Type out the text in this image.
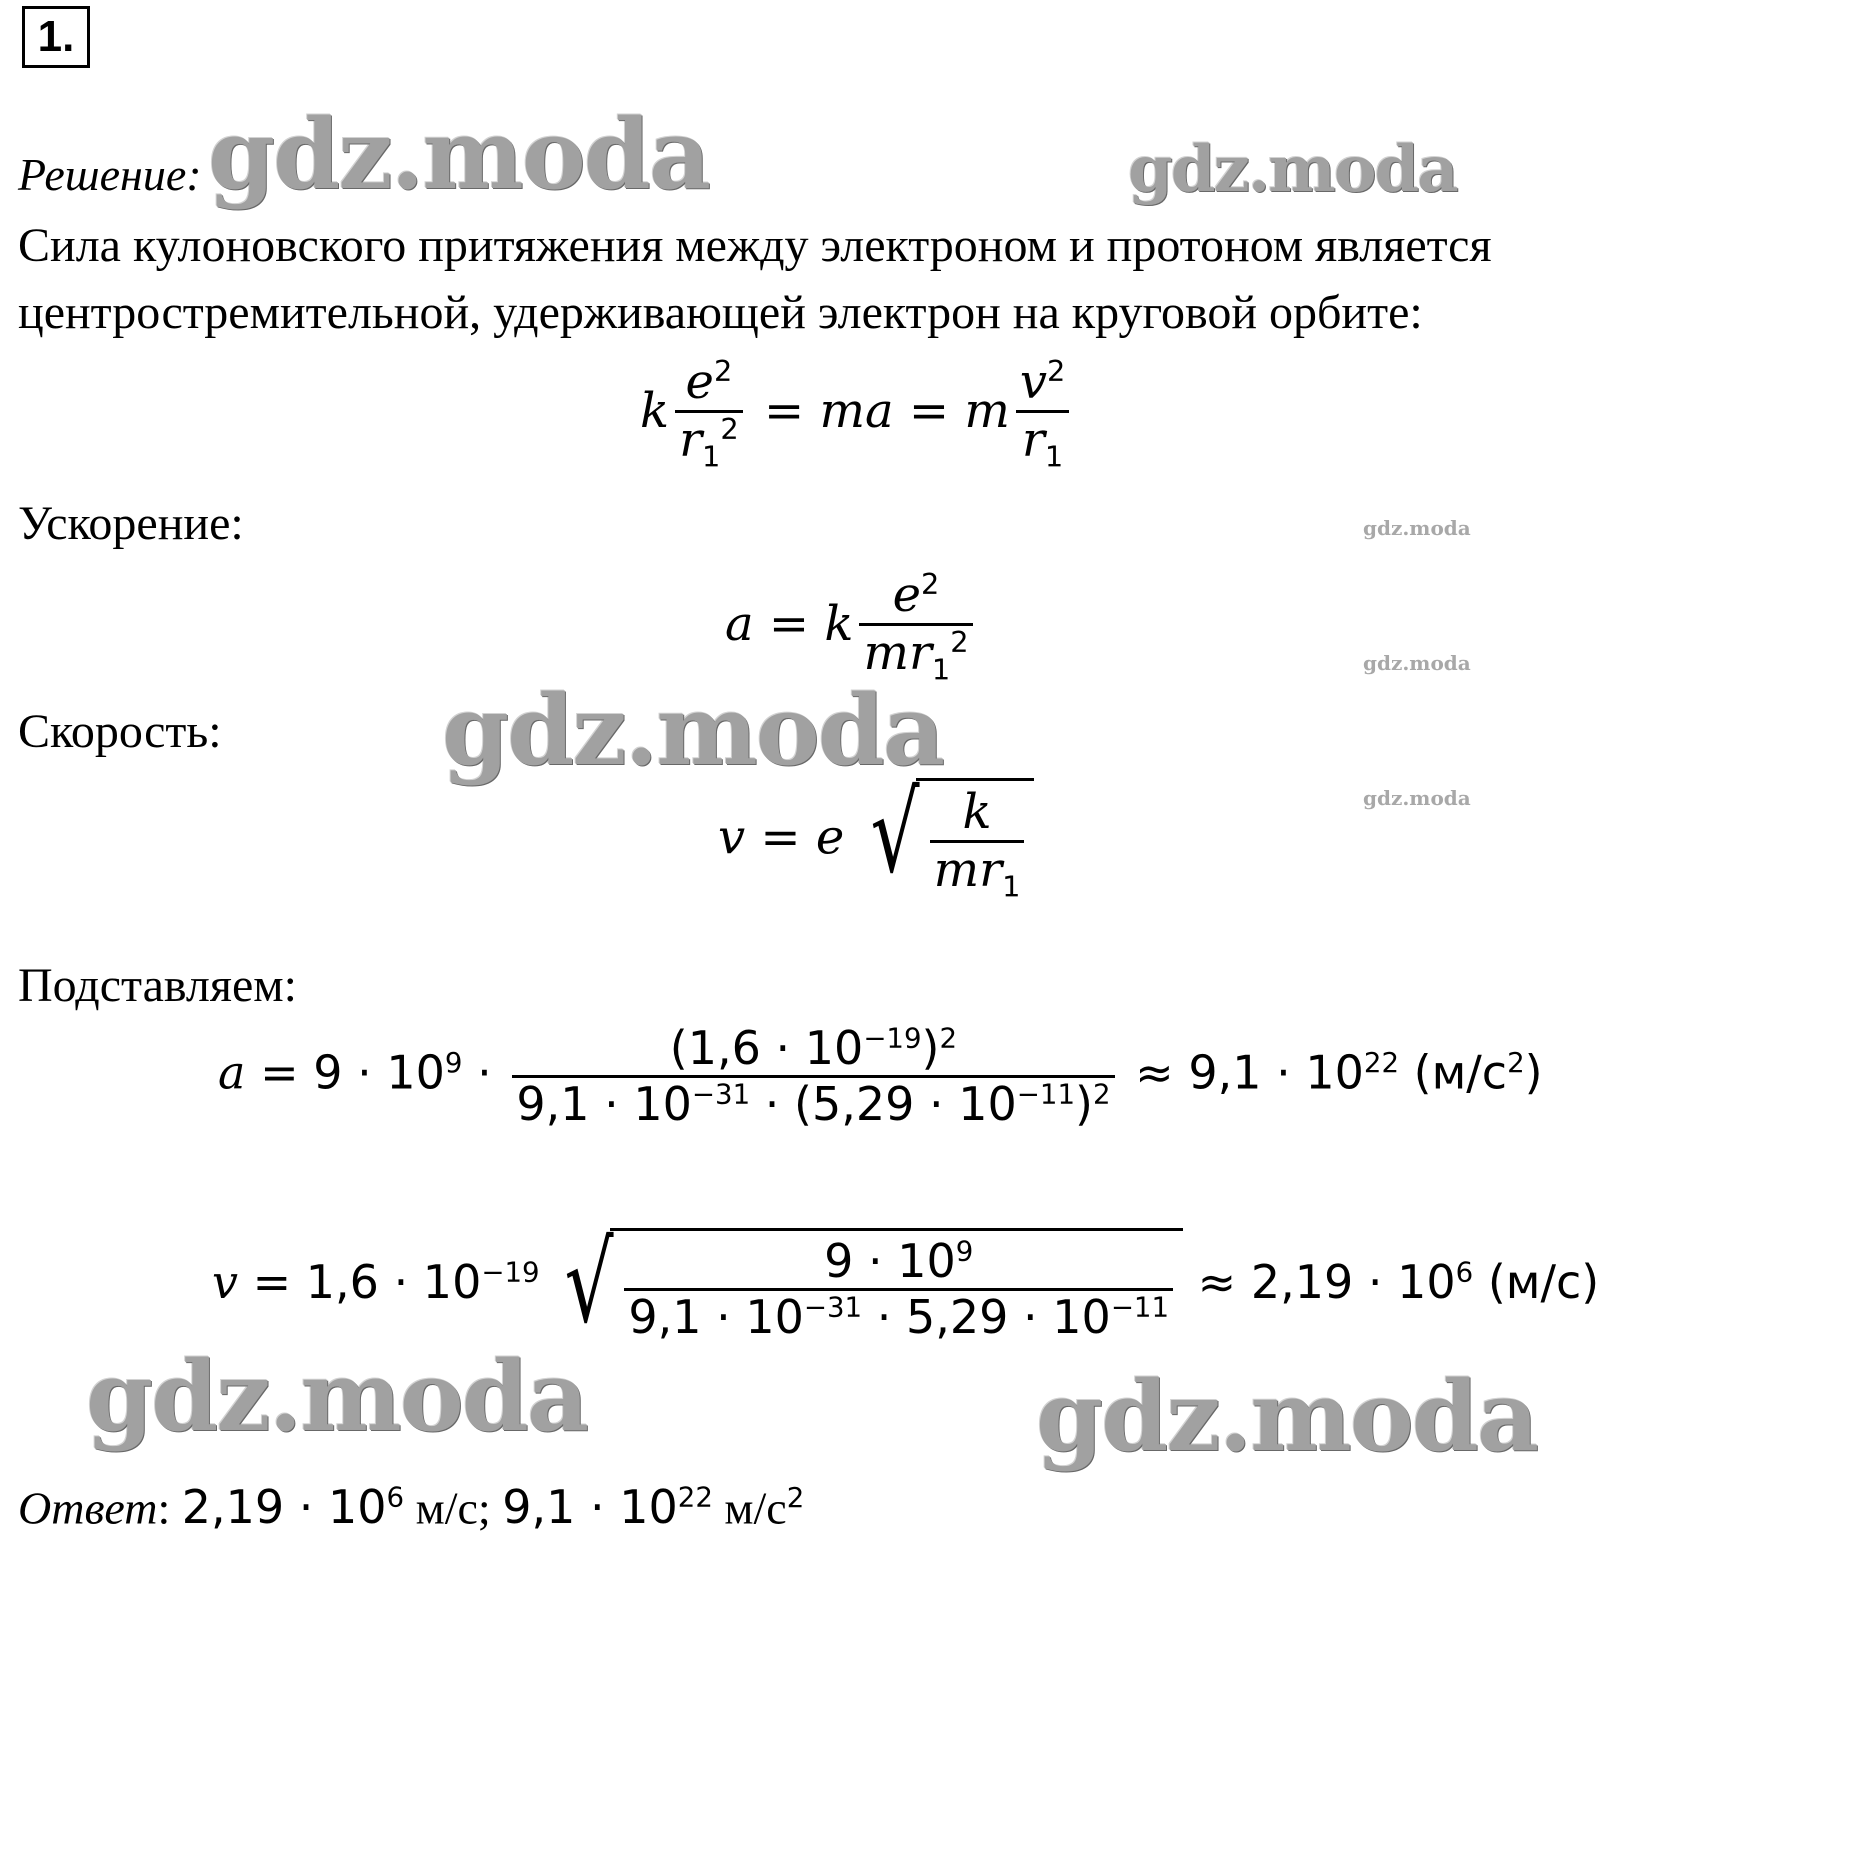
1.
Решение:
Сила кулоновского притяжения между электроном и протоном является
центростремительной, удерживающей электрон на круговой орбите:
k $\frac{e^2}{r_1^2}$ = ma = m $\frac{v^2}{r_1}$
Ускорение:
a = k $\frac{e^2}{mr_1^2}$
Скорость:
v = e √ $\frac{k}{mr_1}$
Подставляем:
$a = 9 \cdot 10^9 \cdot \frac{(1,6 \cdot 10^{-19})^2}{9,1 \cdot 10^{-31} \cdot (5,29 \cdot 10^{-11})^2} \approx 9,1 \cdot 10^{22}$ $(м/с^2)$
$v = 1,6 \cdot 10^{-19}$ √ $\frac{9 \cdot 10^9}{9,1 \cdot 10^{-31} \cdot 5,29 \cdot 10^{-11}} \approx 2,19 \cdot 10^6$ (м/с)
Ответ: $2,19 \cdot 10^6$ м/с; $9,1 \cdot 10^{22}$ $м/с^2$
gdz.moda	gdz.moda
gdz.moda
gdz.moda	gdz.moda
gdz.moda
gdz.moda
gdz.moda
